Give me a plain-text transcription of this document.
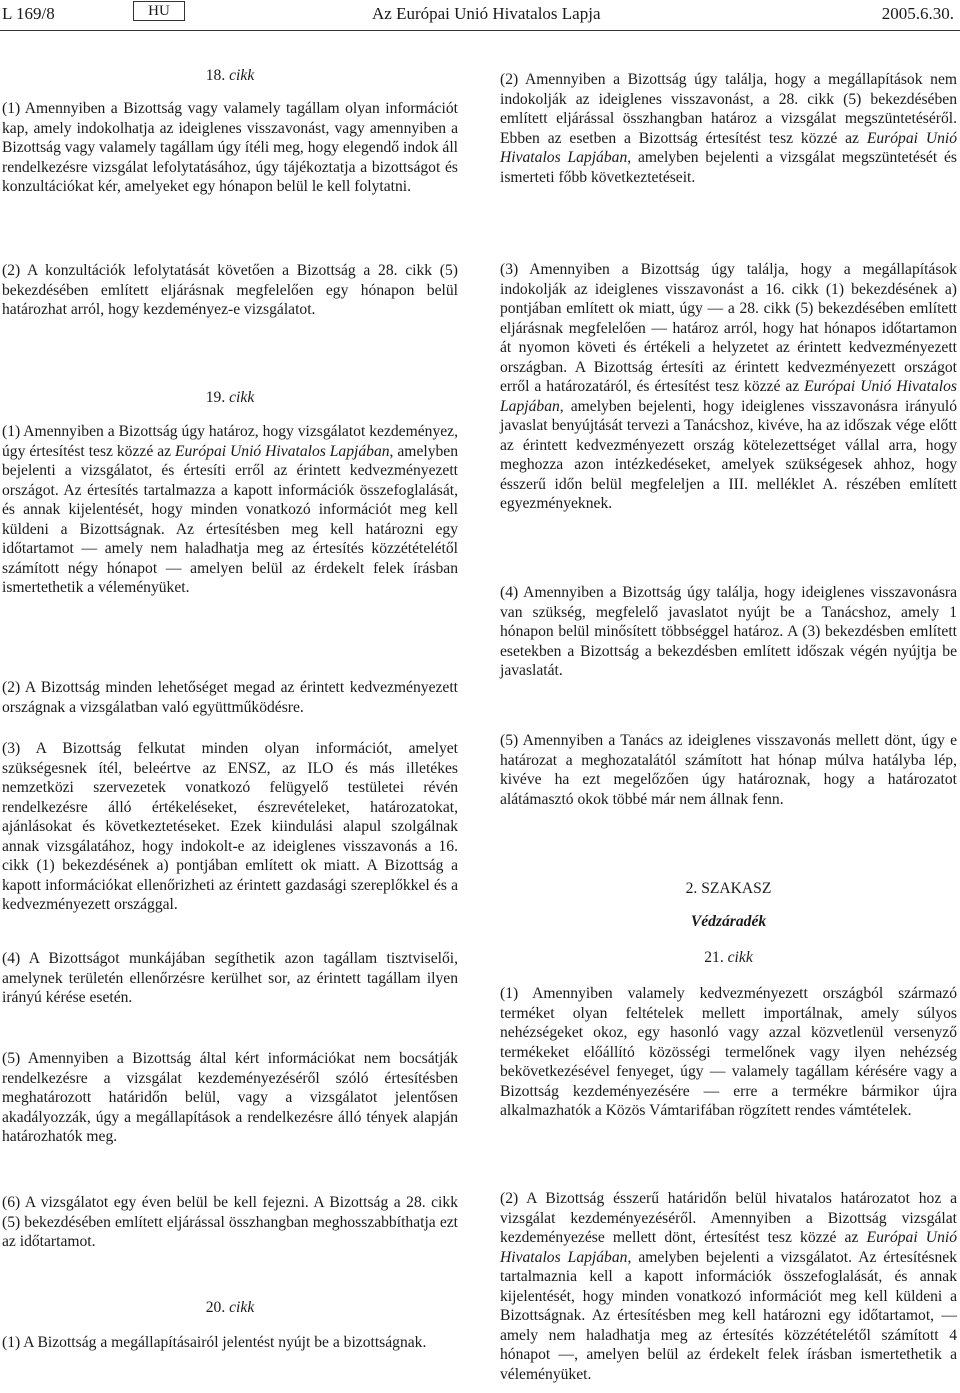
L 169/8	HU	Az Európai Unió Hivatalos Lapja	2005.6.30.
18. cikk
(1) Amennyiben a Bizottság vagy valamely tagállam olyan információt kap, amely indokolhatja az ideiglenes visszavonást, vagy amennyiben a Bizottság vagy valamely tagállam úgy ítéli meg, hogy elegendő indok áll rendelkezésre vizsgálat lefolytatásához, úgy tájékoztatja a bizottságot és konzultációkat kér, amelyeket egy hónapon belül le kell folytatni.
(2) A konzultációk lefolytatását követően a Bizottság a 28. cikk (5) bekezdésében említett eljárásnak megfelelően egy hónapon belül határozhat arról, hogy kezdeményez-e vizsgálatot.
19. cikk
(1) Amennyiben a Bizottság úgy határoz, hogy vizsgálatot kezdeményez, úgy értesítést tesz közzé az Európai Unió Hivatalos Lapjában, amelyben bejelenti a vizsgálatot, és értesíti erről az érintett kedvezményezett országot. Az értesítés tartalmazza a kapott információk összefoglalását, és annak kijelentését, hogy minden vonatkozó információt meg kell küldeni a Bizottságnak. Az értesítésben meg kell határozni egy időtartamot — amely nem haladhatja meg az értesítés közzétételétől számított négy hónapot — amelyen belül az érdekelt felek írásban ismertethetik a véleményüket.
(2) A Bizottság minden lehetőséget megad az érintett kedvezményezett országnak a vizsgálatban való együttműködésre.
(3) A Bizottság felkutat minden olyan információt, amelyet szükségesnek ítél, beleértve az ENSZ, az ILO és más illetékes nemzetközi szervezetek vonatkozó felügyelő testületei révén rendelkezésre álló értékeléseket, észrevételeket, határozatokat, ajánlásokat és következtetéseket. Ezek kiindulási alapul szolgálnak annak vizsgálatához, hogy indokolt-e az ideiglenes visszavonás a 16. cikk (1) bekezdésének a) pontjában említett ok miatt. A Bizottság a kapott információkat ellenőrizheti az érintett gazdasági szereplőkkel és a kedvezményezett országgal.
(4) A Bizottságot munkájában segíthetik azon tagállam tisztviselői, amelynek területén ellenőrzésre kerülhet sor, az érintett tagállam ilyen irányú kérése esetén.
(5) Amennyiben a Bizottság által kért információkat nem bocsátják rendelkezésre a vizsgálat kezdeményezéséről szóló értesítésben meghatározott határidőn belül, vagy a vizsgálatot jelentősen akadályozzák, úgy a megállapítások a rendelkezésre álló tények alapján határozhatók meg.
(6) A vizsgálatot egy éven belül be kell fejezni. A Bizottság a 28. cikk (5) bekezdésében említett eljárással összhangban meghosszabbíthatja ezt az időtartamot.
20. cikk
(1) A Bizottság a megállapításairól jelentést nyújt be a bizottságnak.
(2) Amennyiben a Bizottság úgy találja, hogy a megállapítások nem indokolják az ideiglenes visszavonást, a 28. cikk (5) bekezdésében említett eljárással összhangban határoz a vizsgálat megszüntetéséről. Ebben az esetben a Bizottság értesítést tesz közzé az Európai Unió Hivatalos Lapjában, amelyben bejelenti a vizsgálat megszüntetését és ismerteti főbb következtetéseit.
(3) Amennyiben a Bizottság úgy találja, hogy a megállapítások indokolják az ideiglenes visszavonást a 16. cikk (1) bekezdésének a) pontjában említett ok miatt, úgy — a 28. cikk (5) bekezdésében említett eljárásnak megfelelően — határoz arról, hogy hat hónapos időtartamon át nyomon követi és értékeli a helyzetet az érintett kedvezményezett országban. A Bizottság értesíti az érintett kedvezményezett országot erről a határozatáról, és értesítést tesz közzé az Európai Unió Hivatalos Lapjában, amelyben bejelenti, hogy ideiglenes visszavonásra irányuló javaslat benyújtását tervezi a Tanácshoz, kivéve, ha az időszak vége előtt az érintett kedvezményezett ország kötelezettséget vállal arra, hogy meghozza azon intézkedéseket, amelyek szükségesek ahhoz, hogy ésszerű időn belül megfeleljen a III. melléklet A. részében említett egyezményeknek.
(4) Amennyiben a Bizottság úgy találja, hogy ideiglenes visszavonásra van szükség, megfelelő javaslatot nyújt be a Tanácshoz, amely 1 hónapon belül minősített többséggel határoz. A (3) bekezdésben említett esetekben a Bizottság a bekezdésben említett időszak végén nyújtja be javaslatát.
(5) Amennyiben a Tanács az ideiglenes visszavonás mellett dönt, úgy e határozat a meghozatalától számított hat hónap múlva hatályba lép, kivéve ha ezt megelőzően úgy határoznak, hogy a határozatot alátámasztó okok többé már nem állnak fenn.
2. SZAKASZ
Védzáradék
21. cikk
(1) Amennyiben valamely kedvezményezett országból származó terméket olyan feltételek mellett importálnak, amely súlyos nehézségeket okoz, egy hasonló vagy azzal közvetlenül versenyző termékeket előállító közösségi termelőnek vagy ilyen nehézség bekövetkezésével fenyeget, úgy — valamely tagállam kérésére vagy a Bizottság kezdeményezésére — erre a termékre bármikor újra alkalmazhatók a Közös Vámtarifában rögzített rendes vámtételek.
(2) A Bizottság ésszerű határidőn belül hivatalos határozatot hoz a vizsgálat kezdeményezéséről. Amennyiben a Bizottság vizsgálat kezdeményezése mellett dönt, értesítést tesz közzé az Európai Unió Hivatalos Lapjában, amelyben bejelenti a vizsgálatot. Az értesítésnek tartalmaznia kell a kapott információk összefoglalását, és annak kijelentését, hogy minden vonatkozó információt meg kell küldeni a Bizottságnak. Az értesítésben meg kell határozni egy időtartamot, — amely nem haladhatja meg az értesítés közzétételétől számított 4 hónapot —, amelyen belül az érdekelt felek írásban ismertethetik a véleményüket.
